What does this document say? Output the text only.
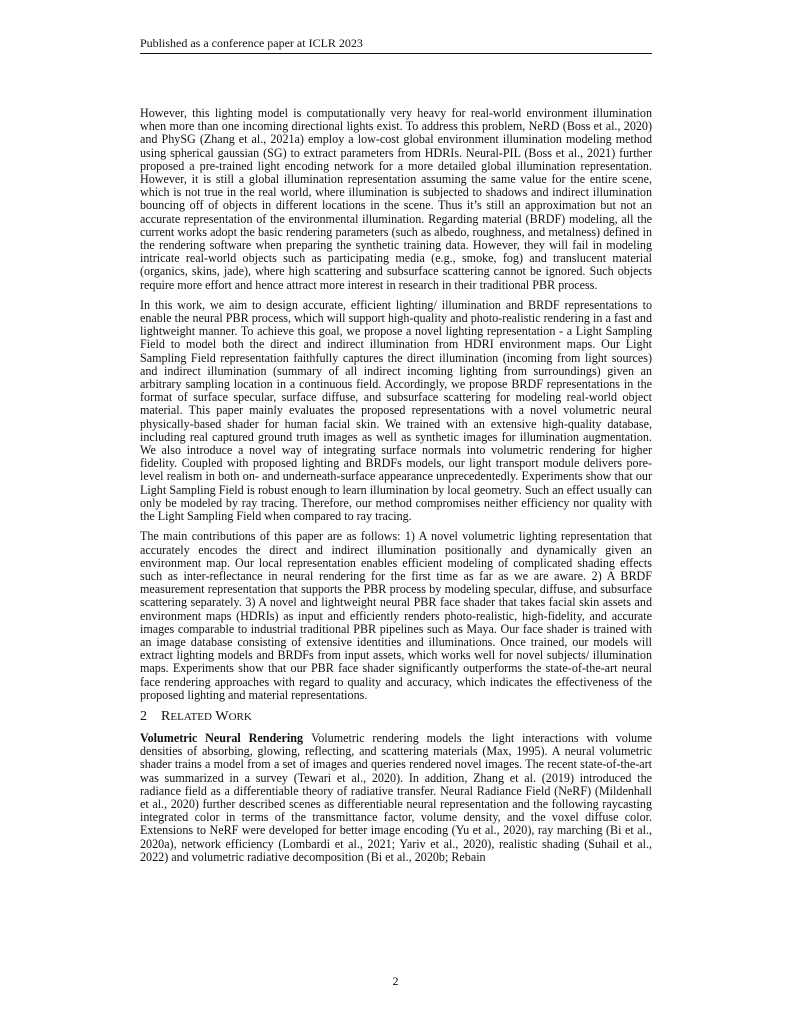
Published as a conference paper at ICLR 2023

However, this lighting model is computationally very heavy for real-world environment illumination when more than one incoming directional lights exist. To address this problem, NeRD (Boss et al., 2020) and PhySG (Zhang et al., 2021a) employ a low-cost global environment illumination modeling method using spherical gaussian (SG) to extract parameters from HDRIs. Neural-PIL (Boss et al., 2021) further proposed a pre-trained light encoding network for a more detailed global illumination representation. However, it is still a global illumination representation assuming the same value for the entire scene, which is not true in the real world, where illumination is subjected to shadows and indirect illumination bouncing off of objects in different locations in the scene. Thus it’s still an approximation but not an accurate representation of the environmental illumination. Regarding material (BRDF) modeling, all the current works adopt the basic rendering parameters (such as albedo, roughness, and metalness) defined in the rendering software when preparing the synthetic training data. However, they will fail in modeling intricate real-world objects such as participating media (e.g., smoke, fog) and translucent material (organics, skins, jade), where high scattering and subsurface scattering cannot be ignored. Such objects require more effort and hence attract more interest in research in their traditional PBR process.

In this work, we aim to design accurate, efficient lighting/ illumination and BRDF representations to enable the neural PBR process, which will support high-quality and photo-realistic rendering in a fast and lightweight manner. To achieve this goal, we propose a novel lighting representation - a Light Sampling Field to model both the direct and indirect illumination from HDRI environment maps. Our Light Sampling Field representation faithfully captures the direct illumination (incoming from light sources) and indirect illumination (summary of all indirect incoming lighting from surroundings) given an arbitrary sampling location in a continuous field. Accordingly, we propose BRDF representations in the format of surface specular, surface diffuse, and subsurface scattering for modeling real-world object material. This paper mainly evaluates the proposed representations with a novel volumetric neural physically-based shader for human facial skin. We trained with an extensive high-quality database, including real captured ground truth images as well as synthetic images for illumination augmentation. We also introduce a novel way of integrating surface normals into volumetric rendering for higher fidelity. Coupled with proposed lighting and BRDFs models, our light transport module delivers pore-level realism in both on- and underneath-surface appearance unprecedentedly. Experiments show that our Light Sampling Field is robust enough to learn illumination by local geometry. Such an effect usually can only be modeled by ray tracing. Therefore, our method compromises neither efficiency nor quality with the Light Sampling Field when compared to ray tracing.

The main contributions of this paper are as follows: 1) A novel volumetric lighting representation that accurately encodes the direct and indirect illumination positionally and dynamically given an environment map. Our local representation enables efficient modeling of complicated shading effects such as inter-reflectance in neural rendering for the first time as far as we are aware. 2) A BRDF measurement representation that supports the PBR process by modeling specular, diffuse, and subsurface scattering separately. 3) A novel and lightweight neural PBR face shader that takes facial skin assets and environment maps (HDRIs) as input and efficiently renders photo-realistic, high-fidelity, and accurate images comparable to industrial traditional PBR pipelines such as Maya. Our face shader is trained with an image database consisting of extensive identities and illuminations. Once trained, our models will extract lighting models and BRDFs from input assets, which works well for novel subjects/ illumination maps. Experiments show that our PBR face shader significantly outperforms the state-of-the-art neural face rendering approaches with regard to quality and accuracy, which indicates the effectiveness of the proposed lighting and material representations.

2 RELATED WORK

Volumetric Neural Rendering Volumetric rendering models the light interactions with volume densities of absorbing, glowing, reflecting, and scattering materials (Max, 1995). A neural volumetric shader trains a model from a set of images and queries rendered novel images. The recent state-of-the-art was summarized in a survey (Tewari et al., 2020). In addition, Zhang et al. (2019) introduced the radiance field as a differentiable theory of radiative transfer. Neural Radiance Field (NeRF) (Mildenhall et al., 2020) further described scenes as differentiable neural representation and the following raycasting integrated color in terms of the transmittance factor, volume density, and the voxel diffuse color. Extensions to NeRF were developed for better image encoding (Yu et al., 2020), ray marching (Bi et al., 2020a), network efficiency (Lombardi et al., 2021; Yariv et al., 2020), realistic shading (Suhail et al., 2022) and volumetric radiative decomposition (Bi et al., 2020b; Rebain

2
